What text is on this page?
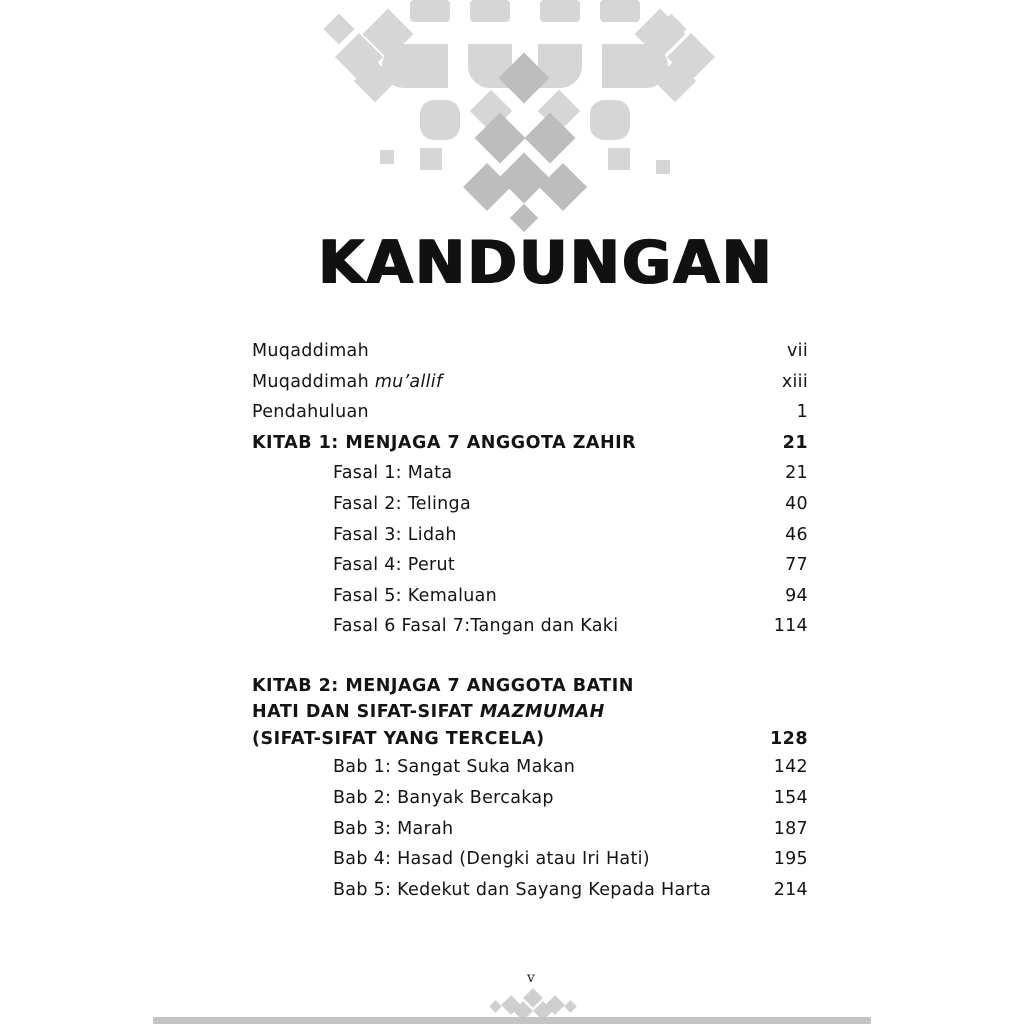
KANDUNGAN
Muqaddimah	vii
Muqaddimah mu’allif	xiii
Pendahuluan	1
KITAB 1: MENJAGA 7 ANGGOTA ZAHIR	21
Fasal 1: Mata	21
Fasal 2: Telinga	40
Fasal 3: Lidah	46
Fasal 4: Perut	77
Fasal 5: Kemaluan	94
Fasal 6 Fasal 7:Tangan dan Kaki	114
KITAB 2: MENJAGA 7 ANGGOTA BATIN
HATI DAN SIFAT-SIFAT MAZMUMAH
(SIFAT-SIFAT YANG TERCELA)	128
Bab 1: Sangat Suka Makan	142
Bab 2: Banyak Bercakap	154
Bab 3: Marah	187
Bab 4: Hasad (Dengki atau Iri Hati)	195
Bab 5: Kedekut dan Sayang Kepada Harta	214
v
